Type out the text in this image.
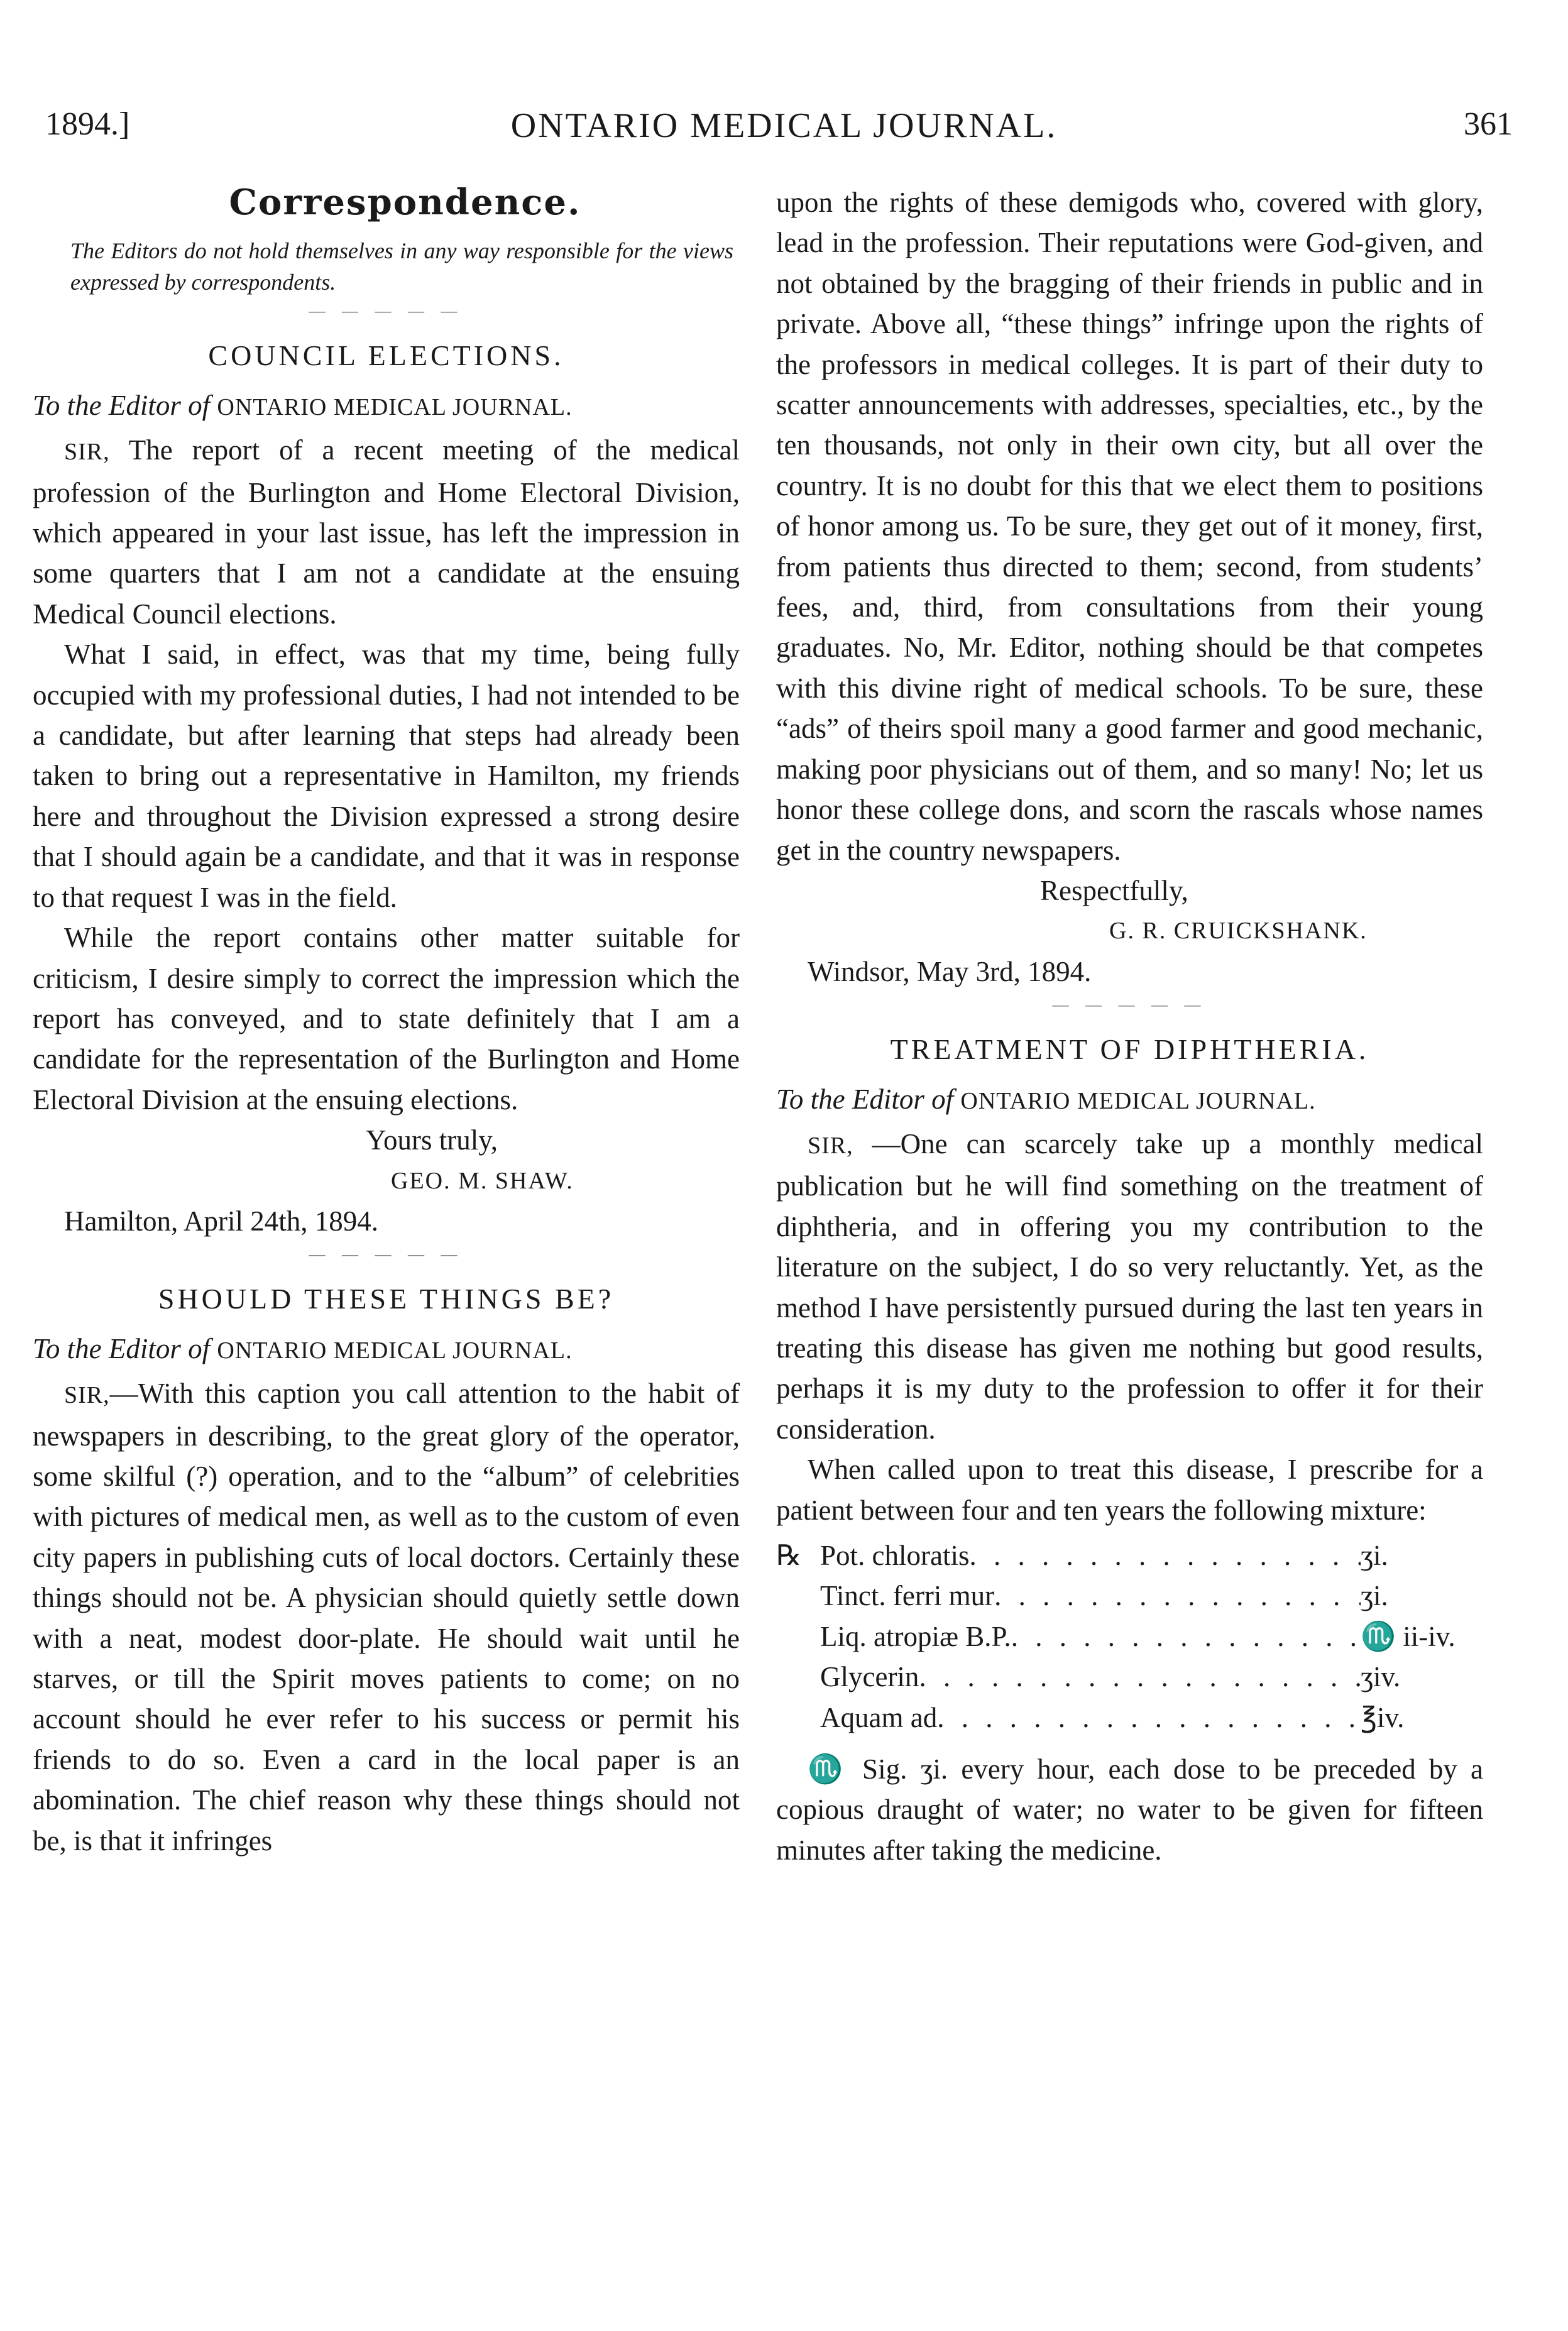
ONTARIO MEDICAL JOURNAL.
1894.]	361
Correspondence.

The Editors do not hold themselves in any way responsible for the views expressed by correspondents.

— — — — —
COUNCIL ELECTIONS.

To the Editor of ONTARIO MEDICAL JOURNAL.

SIR, The report of a recent meeting of the medical profession of the Burlington and Home Electoral Division, which appeared in your last issue, has left the impression in some quarters that I am not a candidate at the ensuing Medical Council elections.

What I said, in effect, was that my time, being fully occupied with my professional duties, I had not intended to be a candidate, but after learning that steps had already been taken to bring out a representative in Hamilton, my friends here and throughout the Division expressed a strong desire that I should again be a candidate, and that it was in response to that request I was in the field.

While the report contains other matter suitable for criticism, I desire simply to correct the impression which the report has conveyed, and to state definitely that I am a candidate for the representation of the Burlington and Home Electoral Division at the ensuing elections.

Yours truly,

GEO. M. SHAW.

Hamilton, April 24th, 1894.

— — — — —
SHOULD THESE THINGS BE?

To the Editor of ONTARIO MEDICAL JOURNAL.

SIR,—With this caption you call attention to the habit of newspapers in describing, to the great glory of the operator, some skilful (?) operation, and to the “album” of celebrities with pictures of medical men, as well as to the custom of even city papers in publishing cuts of local doctors. Certainly these things should not be. A physician should quietly settle down with a neat, modest door-plate. He should wait until he starves, or till the Spirit moves patients to come; on no account should he ever refer to his success or permit his friends to do so. Even a card in the local paper is an abomination. The chief reason why these things should not be, is that it infringes

upon the rights of these demigods who, covered with glory, lead in the profession. Their reputations were God-given, and not obtained by the bragging of their friends in public and in private. Above all, “these things” infringe upon the rights of the professors in medical colleges. It is part of their duty to scatter announcements with addresses, specialties, etc., by the ten thousands, not only in their own city, but all over the country. It is no doubt for this that we elect them to positions of honor among us. To be sure, they get out of it money, first, from patients thus directed to them; second, from students’ fees, and, third, from consultations from their young graduates. No, Mr. Editor, nothing should be that competes with this divine right of medical schools. To be sure, these “ads” of theirs spoil many a good farmer and good mechanic, making poor physicians out of them, and so many! No; let us honor these college dons, and scorn the rascals whose names get in the country newspapers.

Respectfully,

G. R. CRUICKSHANK.

Windsor, May 3rd, 1894.

— — — — —
TREATMENT OF DIPHTHERIA.

To the Editor of ONTARIO MEDICAL JOURNAL.

SIR, —One can scarcely take up a monthly medical publication but he will find something on the treatment of diphtheria, and in offering you my contribution to the literature on the subject, I do so very reluctantly. Yet, as the method I have persistently pursued during the last ten years in treating this disease has given me nothing but good results, perhaps it is my duty to the profession to offer it for their consideration.

When called upon to treat this disease, I prescribe for a patient between four and ten years the following mixture:

℞ Pot. chloratis . . .	ʒi.
Tinct. ferri mur . . .	ʒi.
Liq. atropiæ B.P. . . .	♏ ii-iv.
Glycerin . . .	ʒiv.
Aquam ad . . .	℥iv.

♏ Sig. ʒi. every hour, each dose to be preceded by a copious draught of water; no water to be given for fifteen minutes after taking the medicine.
